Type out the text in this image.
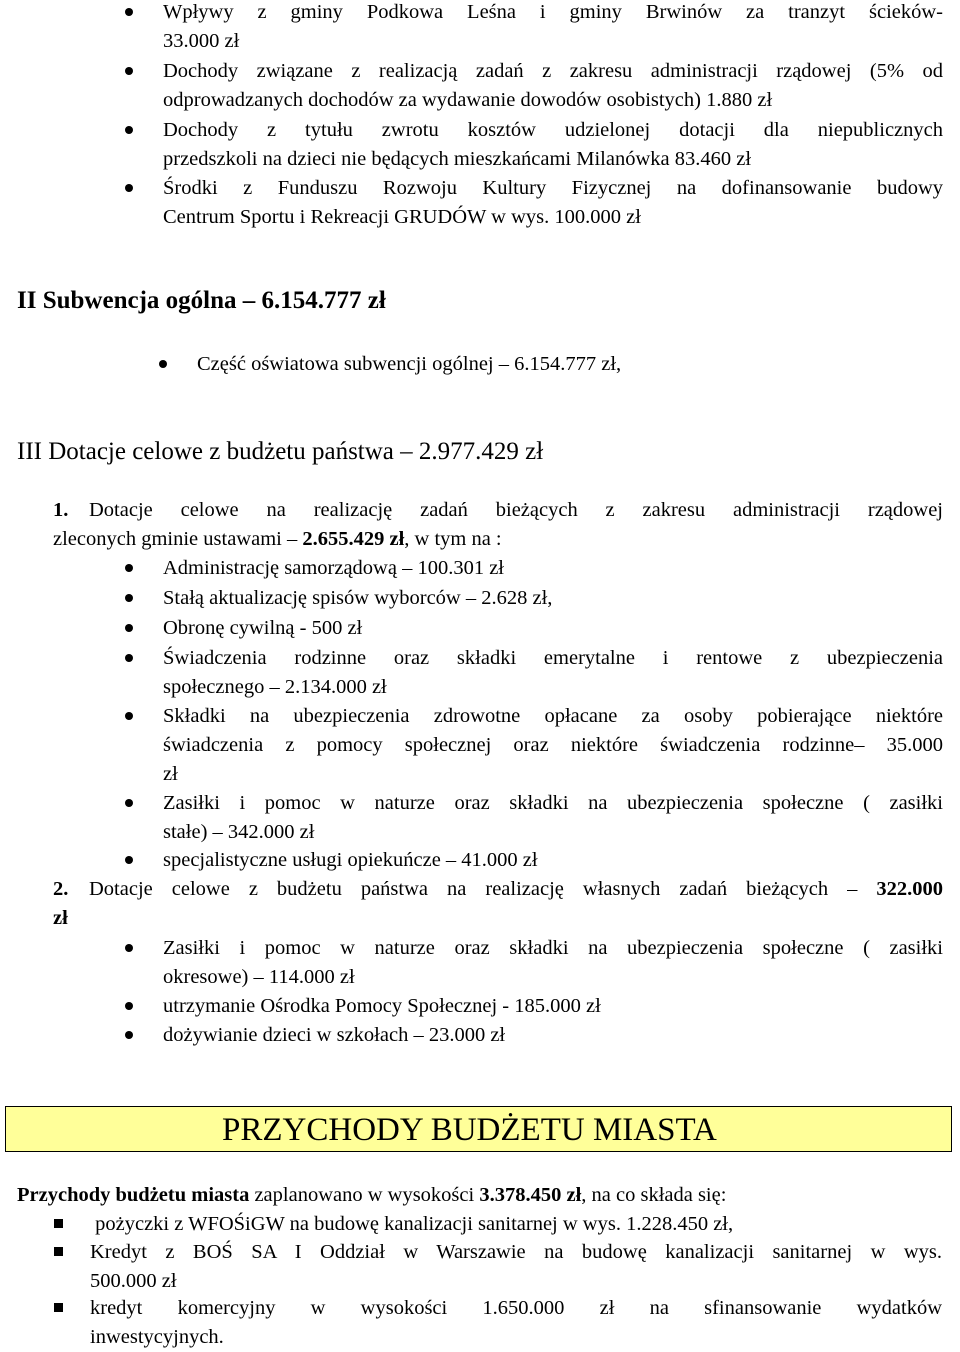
Wpływy z gminy Podkowa Leśna i gminy Brwinów za tranzyt ścieków-
33.000 zł
Dochody związane z realizacją zadań z zakresu administracji rządowej (5% od
odprowadzanych dochodów za wydawanie dowodów osobistych) 1.880 zł
Dochody z tytułu zwrotu kosztów udzielonej dotacji dla niepublicznych
przedszkoli na dzieci nie będących mieszkańcami Milanówka 83.460 zł
Środki z Funduszu Rozwoju Kultury Fizycznej na dofinansowanie budowy
Centrum Sportu i Rekreacji GRUDÓW w wys. 100.000 zł
II Subwencja ogólna – 6.154.777 zł
Część oświatowa subwencji ogólnej – 6.154.777 zł,
III Dotacje celowe z budżetu państwa – 2.977.429 zł
1. Dotacje celowe na realizację zadań bieżących z zakresu administracji rządowej
zleconych gminie ustawami – 2.655.429 zł, w tym na :
Administrację samorządową – 100.301 zł
Stałą aktualizację spisów wyborców – 2.628 zł,
Obronę cywilną - 500 zł
Świadczenia rodzinne oraz składki emerytalne i rentowe z ubezpieczenia
społecznego – 2.134.000 zł
Składki na ubezpieczenia zdrowotne opłacane za osoby pobierające niektóre
świadczenia z pomocy społecznej oraz niektóre świadczenia rodzinne– 35.000
zł
Zasiłki i pomoc w naturze oraz składki na ubezpieczenia społeczne ( zasiłki
stałe) – 342.000 zł
specjalistyczne usługi opiekuńcze – 41.000 zł
2. Dotacje celowe z budżetu państwa na realizację własnych zadań bieżących – 322.000
zł
Zasiłki i pomoc w naturze oraz składki na ubezpieczenia społeczne ( zasiłki
okresowe) – 114.000 zł
utrzymanie Ośrodka Pomocy Społecznej - 185.000 zł
dożywianie dzieci w szkołach – 23.000 zł
PRZYCHODY BUDŻETU MIASTA
Przychody budżetu miasta zaplanowano w wysokości 3.378.450 zł, na co składa się:
pożyczki z WFOŚiGW na budowę kanalizacji sanitarnej w wys. 1.228.450 zł,
Kredyt z BOŚ SA I Oddział w Warszawie na budowę kanalizacji sanitarnej w wys.
500.000 zł
kredyt komercyjny w wysokości 1.650.000 zł na sfinansowanie wydatków
inwestycyjnych.
